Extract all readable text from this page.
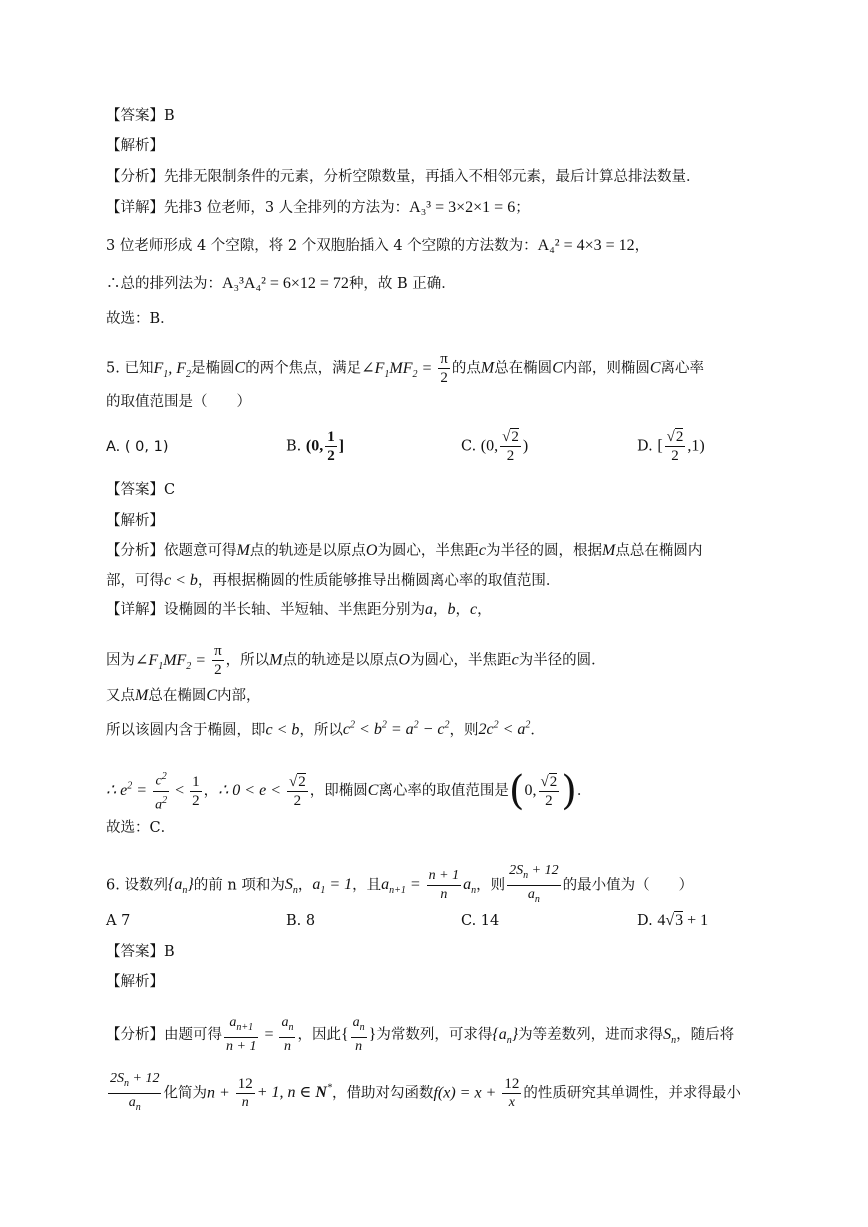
【答案】B
【解析】
【分析】先排无限制条件的元素，分析空隙数量，再插入不相邻元素，最后计算总排法数量．
【详解】先排3 位老师，3 人全排列的方法为：A₃³ = 3×2×1 = 6；
3 位老师形成 4 个空隙，将 2 个双胞胎插入 4 个空隙的方法数为：A₄² = 4×3 = 12，
∴总的排列法为：A₃³A₄² = 6×12 = 72种，故 B 正确．
故选：B．
5. 已知$F_1$, $F_2$是椭圆C的两个焦点，满足$\angle F_1MF_2 = \frac{\pi}{2}$ 的点M总在椭圆C内部，则椭圆C离心率
的取值范围是（　　）
A. ( 0, 1)	B. (0, $\frac{1}{2}$ ]	C. (0, $\frac{√2}{2}$ )	D. [ $\frac{√2}{2} ,1$)
【答案】C
【解析】
【分析】依题意可得M点的轨迹是以原点O为圆心，半焦距c为半径的圆，根据M点总在椭圆内
部，可得c < b，再根据椭圆的性质能够推导出椭圆离心率的取值范围．
【详解】设椭圆的半长轴、半短轴、半焦距分别为a，b，c，
因为$\angle F_1MF_2 = \frac{\pi}{2}$ ，所以M点的轨迹是以原点O为圆心，半焦距c为半径的圆．
又点M总在椭圆C内部，
所以该圆内含于椭圆，即c < b，所以$c^2 < b^2 = a^2 - c^2$，则$2c^2 < a^2$．
∴ $e^2 = \frac{c^2}{a^2} < \frac{1}{2}$ ，∴ $0 < e < \frac{√2}{2}$ ，即椭圆C离心率的取值范围是(0, $\frac{√2}{2}$ )．
故选：C．
6. 设数列$\{a_n\}$的前 n 项和为$S_n$，$a_1 = 1$，且$a_{n+1} = \frac{n + 1}{n} a_n$，则 $\frac{2S_n + 12}{a_n}$ 的最小值为（　　）
A 7	B. 8	C. 14	D. 4√3 + 1
【答案】B
【解析】
【分析】由题可得 $\frac{a_{n+1}}{n + 1} = \frac{a_n}{n}$ ，因此{ $\frac{a_n}{n}$ }为常数列，可求得$\{a_n\}$为等差数列，进而求得$S_n$，随后将
$\frac{2S_n + 12}{a_n}$ 化简为$n + \frac{12}{n} + 1$, n ∈ N*，借助对勾函数$f(x) = x + \frac{12}{x}$ 的性质研究其单调性，并求得最小
